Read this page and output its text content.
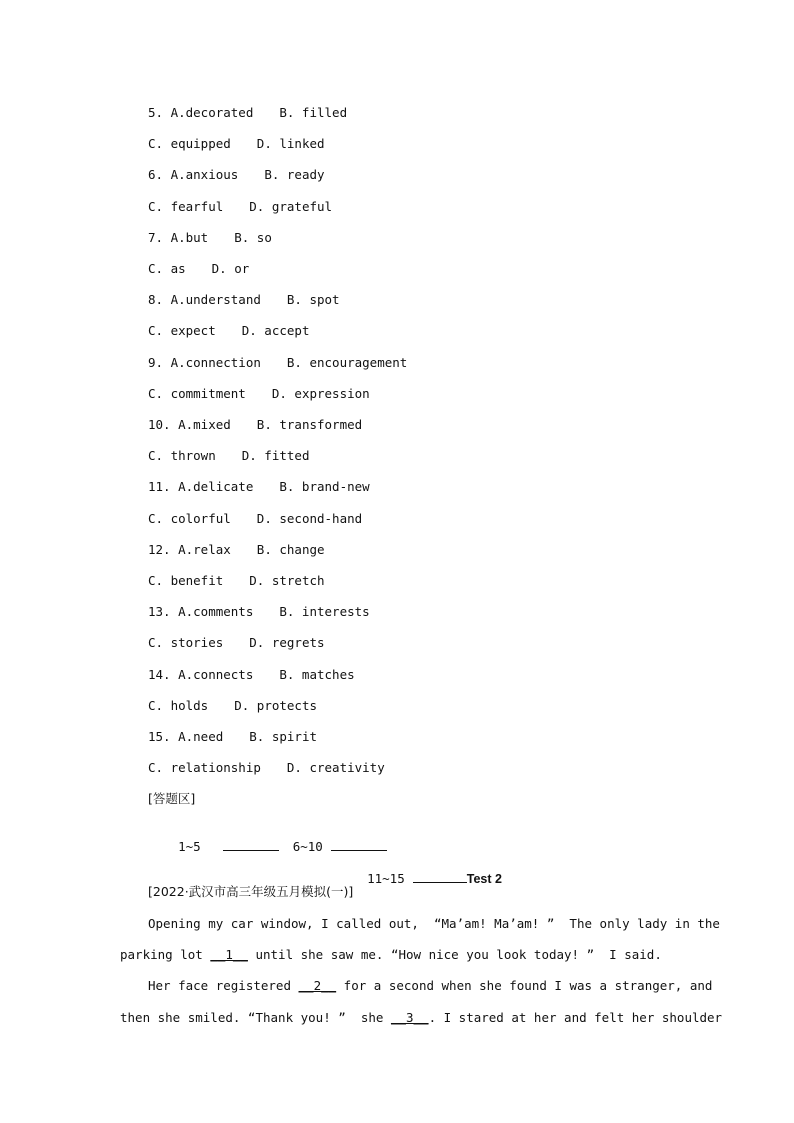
5. A.decorated B. filled
C. equipped D. linked
6. A.anxious B. ready
C. fearful D. grateful
7. A.but B. so
C. as D. or
8. A.understand B. spot
C. expect D. accept
9. A.connection B. encouragement
C. commitment D. expression
10. A.mixed B. transformed
C. thrown D. fitted
11. A.delicate B. brand-new
C. colorful D. second-hand
12. A.relax B. change
C. benefit D. stretch
13. A.comments B. interests
C. stories D. regrets
14. A.connects B. matches
C. holds D. protects
15. A.need B. spirit
C. relationship D. creativity
[答题区]

1~5	6~10

11~15	Test 2

[2022·武汉市高三年级五月模拟(一)]
Opening my car window, I called out,  “Ma’am! Ma’am! ”  The only lady in the
parking lot __1__ until she saw me. “How nice you look today! ”  I said.
Her face registered __2__ for a second when she found I was a stranger, and
then she smiled. “Thank you! ”  she __3__. I stared at her and felt her shoulder
